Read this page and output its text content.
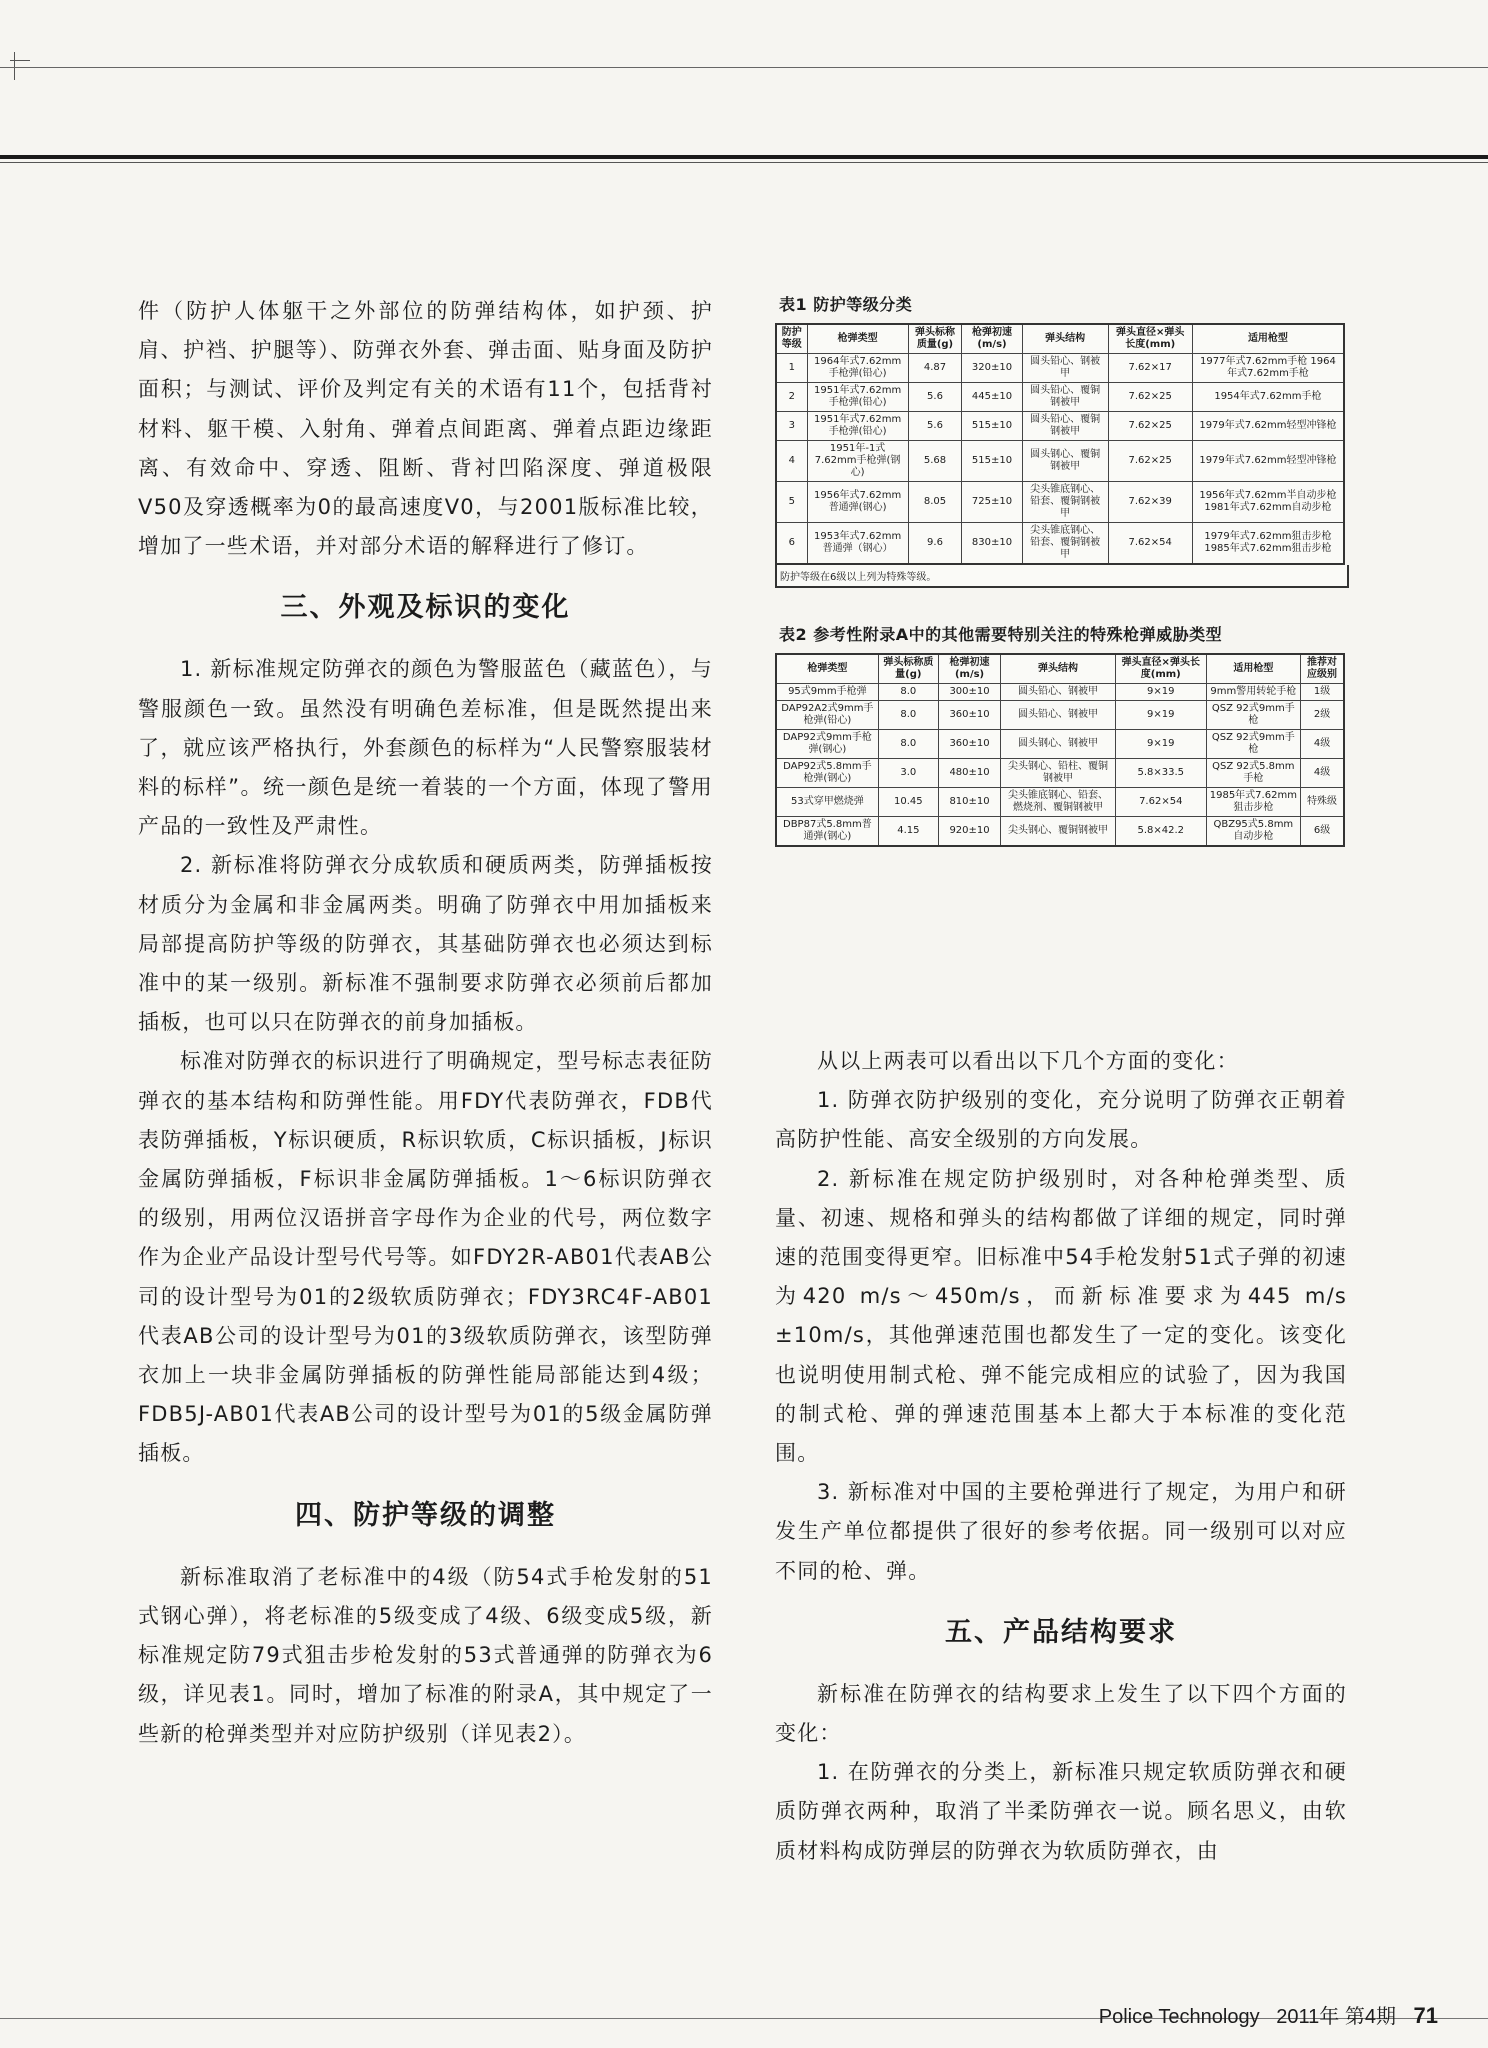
件（防护人体躯干之外部位的防弹结构体，如护颈、护肩、护裆、护腿等）、防弹衣外套、弹击面、贴身面及防护面积；与测试、评价及判定有关的术语有11个，包括背衬材料、躯干模、入射角、弹着点间距离、弹着点距边缘距离、有效命中、穿透、阻断、背衬凹陷深度、弹道极限V50及穿透概率为0的最高速度V0，与2001版标准比较，增加了一些术语，并对部分术语的解释进行了修订。

三、外观及标识的变化

1. 新标准规定防弹衣的颜色为警服蓝色（藏蓝色），与警服颜色一致。虽然没有明确色差标准，但是既然提出来了，就应该严格执行，外套颜色的标样为“人民警察服装材料的标样”。统一颜色是统一着装的一个方面，体现了警用产品的一致性及严肃性。

2. 新标准将防弹衣分成软质和硬质两类，防弹插板按材质分为金属和非金属两类。明确了防弹衣中用加插板来局部提高防护等级的防弹衣，其基础防弹衣也必须达到标准中的某一级别。新标准不强制要求防弹衣必须前后都加插板，也可以只在防弹衣的前身加插板。

标准对防弹衣的标识进行了明确规定，型号标志表征防弹衣的基本结构和防弹性能。用FDY代表防弹衣，FDB代表防弹插板，Y标识硬质，R标识软质，C标识插板，J标识金属防弹插板，F标识非金属防弹插板。1～6标识防弹衣的级别，用两位汉语拼音字母作为企业的代号，两位数字作为企业产品设计型号代号等。如FDY2R-AB01代表AB公司的设计型号为01的2级软质防弹衣；FDY3RC4F-AB01代表AB公司的设计型号为01的3级软质防弹衣，该型防弹衣加上一块非金属防弹插板的防弹性能局部能达到4级；FDB5J-AB01代表AB公司的设计型号为01的5级金属防弹插板。

四、防护等级的调整

新标准取消了老标准中的4级（防54式手枪发射的51式钢心弹），将老标准的5级变成了4级、6级变成5级，新标准规定防79式狙击步枪发射的53式普通弹的防弹衣为6级，详见表1。同时，增加了标准的附录A，其中规定了一些新的枪弹类型并对应防护级别（详见表2）。

表1 防护等级分类
防护等级	枪弹类型	弹头标称质量(g)	枪弹初速(m/s)	弹头结构	弹头直径×弹头长度(mm)	适用枪型
1	1964年式7.62mm手枪弹(铅心)	4.87	320±10	圆头铅心、钢被甲	7.62×17	1977年式7.62mm手枪 1964年式7.62mm手枪
2	1951年式7.62mm手枪弹(铅心)	5.6	445±10	圆头铅心、覆铜钢被甲	7.62×25	1954年式7.62mm手枪
3	1951年式7.62mm手枪弹(铅心)	5.6	515±10	圆头铅心、覆铜钢被甲	7.62×25	1979年式7.62mm轻型冲锋枪
4	1951年-1式7.62mm手枪弹(钢心)	5.68	515±10	圆头钢心、覆铜钢被甲	7.62×25	1979年式7.62mm轻型冲锋枪
5	1956年式7.62mm普通弹(钢心)	8.05	725±10	尖头锥底钢心、铅套、覆铜钢被甲	7.62×39	1956年式7.62mm半自动步枪 1981年式7.62mm自动步枪
6	1953年式7.62mm普通弹（钢心）	9.6	830±10	尖头锥底钢心、铅套、覆铜钢被甲	7.62×54	1979年式7.62mm狙击步枪 1985年式7.62mm狙击步枪
防护等级在6级以上列为特殊等级。
表2 参考性附录A中的其他需要特别关注的特殊枪弹威胁类型
枪弹类型	弹头标称质量(g)	枪弹初速(m/s)	弹头结构	弹头直径×弹头长度(mm)	适用枪型	推荐对应级别
95式9mm手枪弹	8.0	300±10	圆头铅心、钢被甲	9×19	9mm警用转轮手枪	1级
DAP92A2式9mm手枪弹(铅心)	8.0	360±10	圆头铅心、钢被甲	9×19	QSZ 92式9mm手枪	2级
DAP92式9mm手枪弹(钢心)	8.0	360±10	圆头钢心、钢被甲	9×19	QSZ 92式9mm手枪	4级
DAP92式5.8mm手枪弹(钢心)	3.0	480±10	尖头钢心、铅柱、覆铜钢被甲	5.8×33.5	QSZ 92式5.8mm手枪	4级
53式穿甲燃烧弹	10.45	810±10	尖头锥底钢心、铅套、燃烧剂、覆铜钢被甲	7.62×54	1985年式7.62mm 狙击步枪	特殊级
DBP87式5.8mm普通弹(钢心)	4.15	920±10	尖头钢心、覆铜钢被甲	5.8×42.2	QBZ95式5.8mm自动步枪	6级

从以上两表可以看出以下几个方面的变化：

1. 防弹衣防护级别的变化，充分说明了防弹衣正朝着高防护性能、高安全级别的方向发展。

2. 新标准在规定防护级别时，对各种枪弹类型、质量、初速、规格和弹头的结构都做了详细的规定，同时弹速的范围变得更窄。旧标准中54手枪发射51式子弹的初速为420 m/s～450m/s，而新标准要求为445 m/s ±10m/s，其他弹速范围也都发生了一定的变化。该变化也说明使用制式枪、弹不能完成相应的试验了，因为我国的制式枪、弹的弹速范围基本上都大于本标准的变化范围。

3. 新标准对中国的主要枪弹进行了规定，为用户和研发生产单位都提供了很好的参考依据。同一级别可以对应不同的枪、弹。

五、产品结构要求

新标准在防弹衣的结构要求上发生了以下四个方面的变化：

1. 在防弹衣的分类上，新标准只规定软质防弹衣和硬质防弹衣两种，取消了半柔防弹衣一说。顾名思义，由软质材料构成防弹层的防弹衣为软质防弹衣，由

Police Technology 2011年 第4期 71
